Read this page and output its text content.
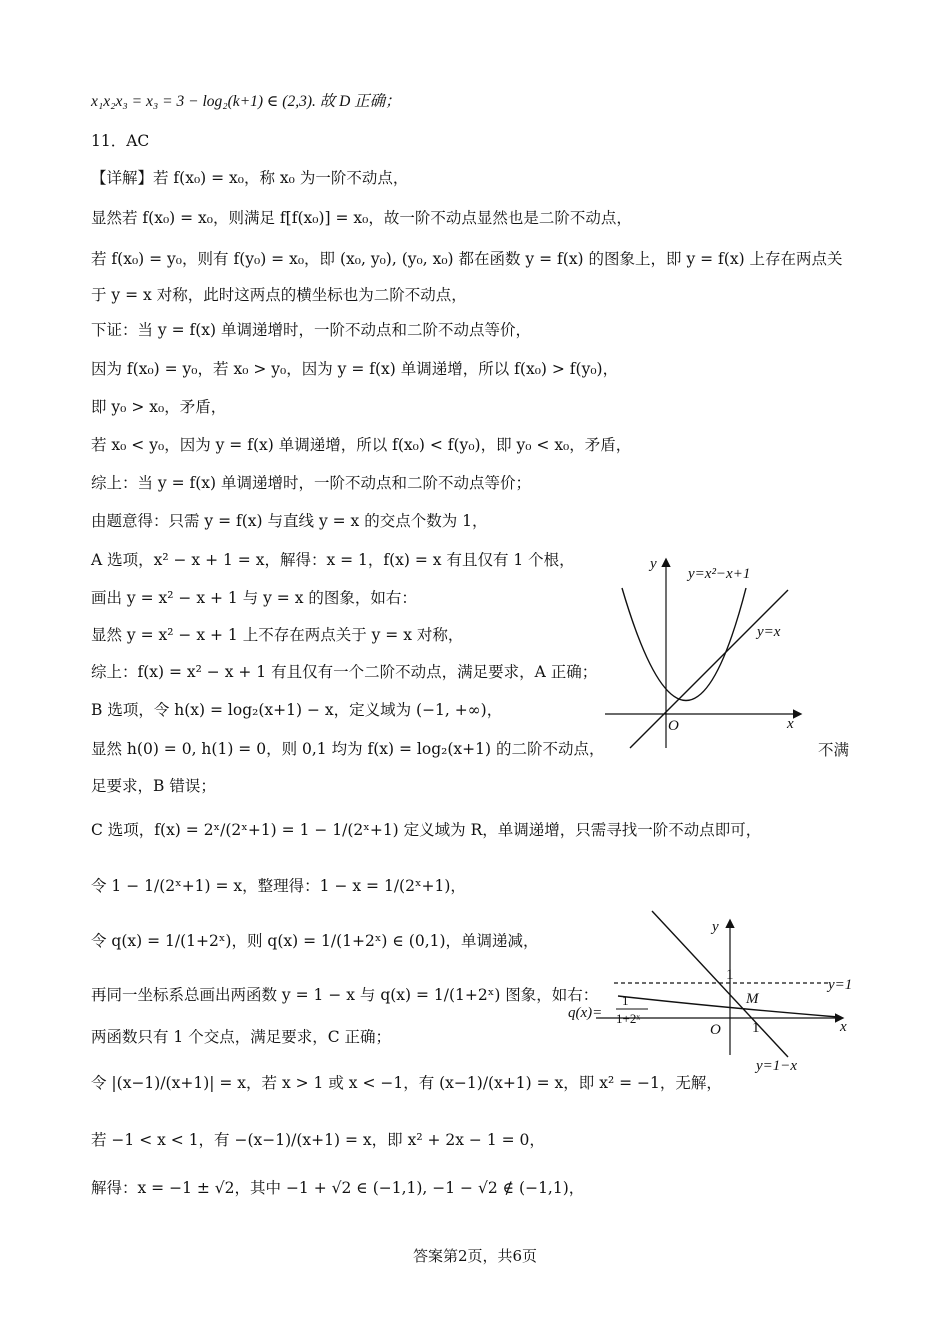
x₁x₂x₃ = x₃ = 3 − log₂(k+1) ∈ (2,3). 故 D 正确；
11．AC
【详解】若 f(x₀) = x₀，称 x₀ 为一阶不动点，
显然若 f(x₀) = x₀，则满足 f[f(x₀)] = x₀，故一阶不动点显然也是二阶不动点，
若 f(x₀) = y₀，则有 f(y₀) = x₀，即 (x₀, y₀), (y₀, x₀) 都在函数 y = f(x) 的图象上，即 y = f(x) 上存在两点关
于 y = x 对称，此时这两点的横坐标也为二阶不动点，
下证：当 y = f(x) 单调递增时，一阶不动点和二阶不动点等价，
因为 f(x₀) = y₀，若 x₀ > y₀，因为 y = f(x) 单调递增，所以 f(x₀) > f(y₀)，
即 y₀ > x₀，矛盾，
若 x₀ < y₀，因为 y = f(x) 单调递增，所以 f(x₀) < f(y₀)，即 y₀ < x₀，矛盾，
综上：当 y = f(x) 单调递增时，一阶不动点和二阶不动点等价；
由题意得：只需 y = f(x) 与直线 y = x 的交点个数为 1，
A 选项，x² − x + 1 = x，解得：x = 1，f(x) = x 有且仅有 1 个根，
画出 y = x² − x + 1 与 y = x 的图象，如右：
显然 y = x² − x + 1 上不存在两点关于 y = x 对称，
综上：f(x) = x² − x + 1 有且仅有一个二阶不动点，满足要求，A 正确；
B 选项，令 h(x) = log₂(x+1) − x，定义域为 (−1, +∞)，
显然 h(0) = 0, h(1) = 0，则 0,1 均为 f(x) = log₂(x+1) 的二阶不动点，	不满
足要求，B 错误；
C 选项，f(x) = 2ˣ/(2ˣ+1) = 1 − 1/(2ˣ+1) 定义域为 R，单调递增，只需寻找一阶不动点即可，
令 1 − 1/(2ˣ+1) = x，整理得：1 − x = 1/(2ˣ+1)，
令 q(x) = 1/(1+2ˣ)，则 q(x) = 1/(1+2ˣ) ∈ (0,1)，单调递减，
再同一坐标系总画出两函数 y = 1 − x 与 q(x) = 1/(1+2ˣ) 图象，如右：
两函数只有 1 个交点，满足要求，C 正确；
令 |(x−1)/(x+1)| = x，若 x > 1 或 x < −1，有 (x−1)/(x+1) = x，即 x² = −1，无解，
若 −1 < x < 1，有 −(x−1)/(x+1) = x，即 x² + 2x − 1 = 0，
解得：x = −1 ± √2，其中 −1 + √2 ∈ (−1,1), −1 − √2 ∉ (−1,1)，
y
x
O
y=x²−x+1
y=x
y
x
O
1
1
M
y=1
q(x)=
1
1+2ˣ
y=1−x
答案第2页，共6页
